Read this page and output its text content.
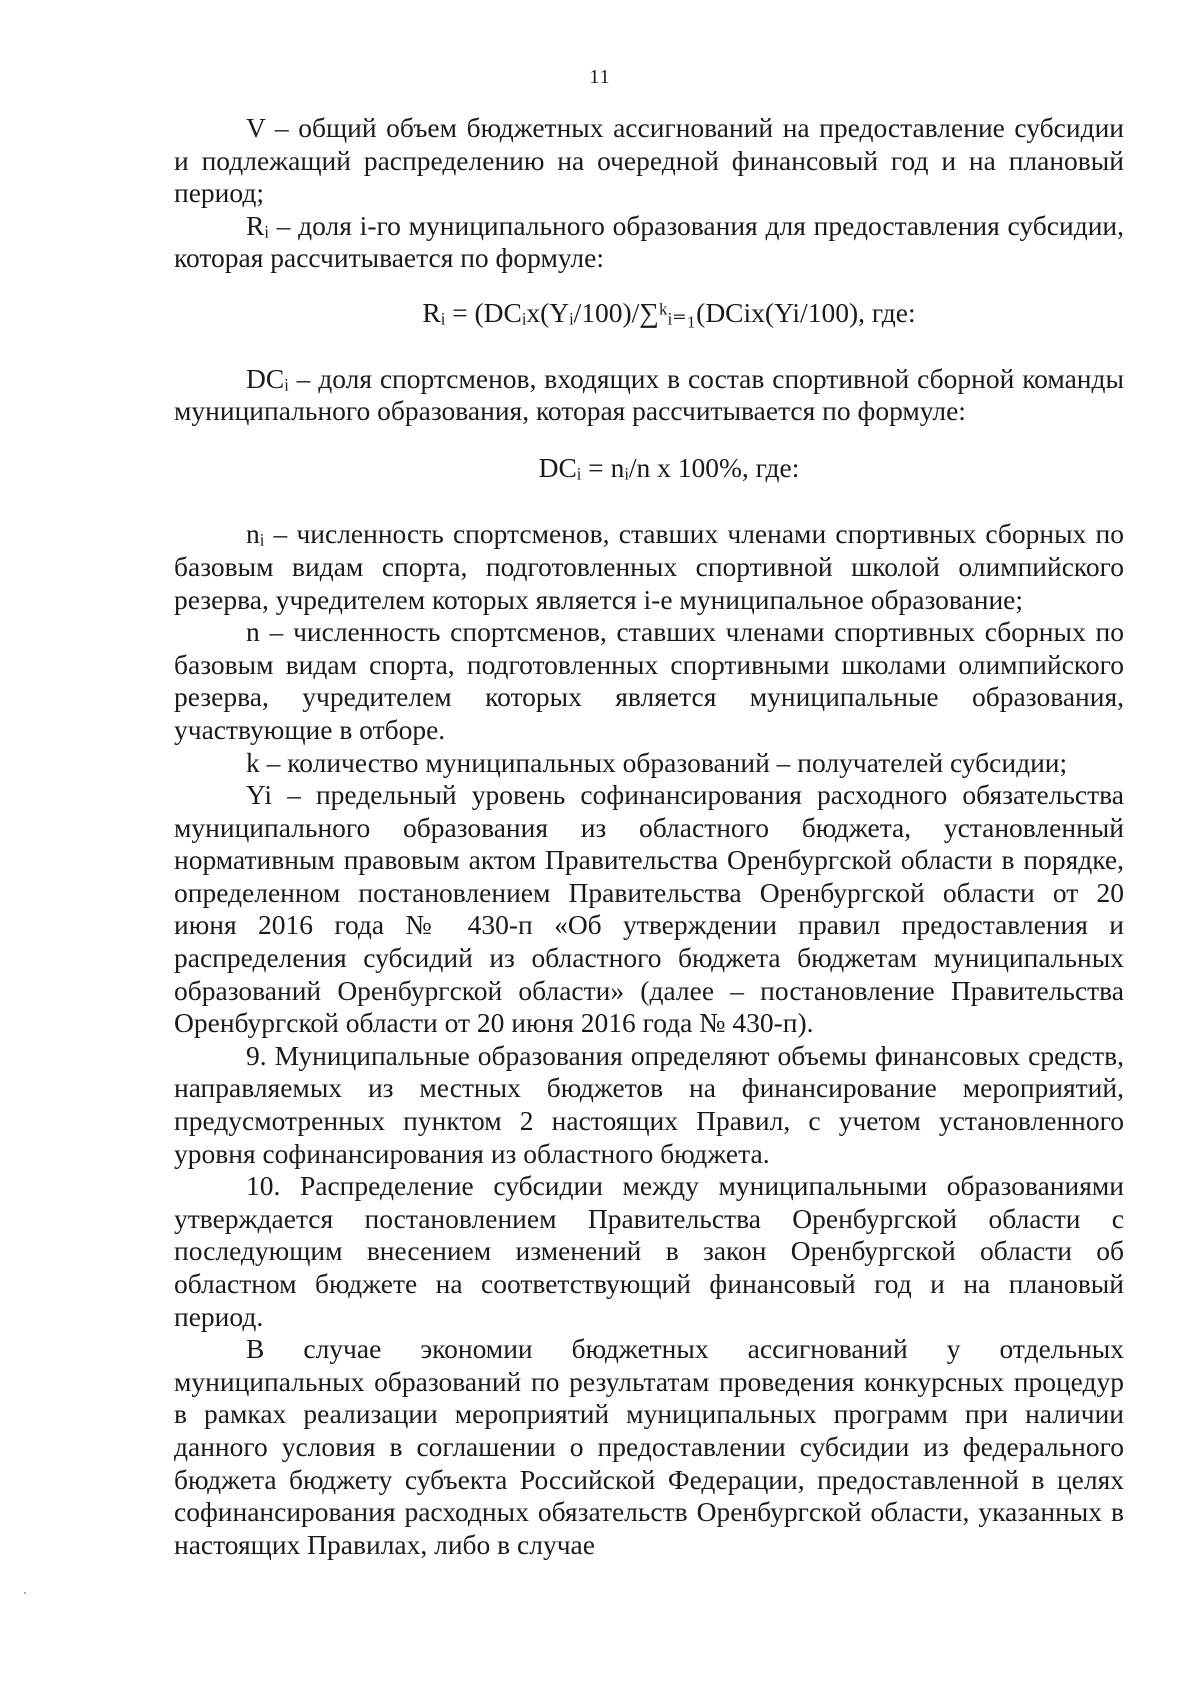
11

V – общий объем бюджетных ассигнований на предоставление субсидии и подлежащий распределению на очередной финансовый год и на плановый период;

Rᵢ – доля i-го муниципального образования для предоставления субсидии, которая рассчитывается по формуле:

Rᵢ = (DCᵢx(Yᵢ/100)/∑ᵏᵢ₌₁(DCix(Yi/100), где:

DCᵢ – доля спортсменов, входящих в состав спортивной сборной команды муниципального образования, которая рассчитывается по формуле:

DCᵢ = nᵢ/n x 100%, где:

nᵢ – численность спортсменов, ставших членами спортивных сборных по базовым видам спорта, подготовленных спортивной школой олимпийского резерва, учредителем которых является i-е муниципальное образование;

n – численность спортсменов, ставших членами спортивных сборных по базовым видам спорта, подготовленных спортивными школами олимпийского резерва, учредителем которых является муниципальные образования, участвующие в отборе.

k – количество муниципальных образований – получателей субсидии;

Yi – предельный уровень софинансирования расходного обязательства муниципального образования из областного бюджета, установленный нормативным правовым актом Правительства Оренбургской области в порядке, определенном постановлением Правительства Оренбургской области от 20 июня 2016 года № 430-п «Об утверждении правил предоставления и распределения субсидий из областного бюджета бюджетам муниципальных образований Оренбургской области» (далее – постановление Правительства Оренбургской области от 20 июня 2016 года № 430-п).

9. Муниципальные образования определяют объемы финансовых средств, направляемых из местных бюджетов на финансирование мероприятий, предусмотренных пунктом 2 настоящих Правил, с учетом установленного уровня софинансирования из областного бюджета.

10. Распределение субсидии между муниципальными образованиями утверждается постановлением Правительства Оренбургской области с последующим внесением изменений в закон Оренбургской области об областном бюджете на соответствующий финансовый год и на плановый период.

В случае экономии бюджетных ассигнований у отдельных муниципальных образований по результатам проведения конкурсных процедур в рамках реализации мероприятий муниципальных программ при наличии данного условия в соглашении о предоставлении субсидии из федерального бюджета бюджету субъекта Российской Федерации, предоставленной в целях софинансирования расходных обязательств Оренбургской области, указанных в настоящих Правилах, либо в случае
